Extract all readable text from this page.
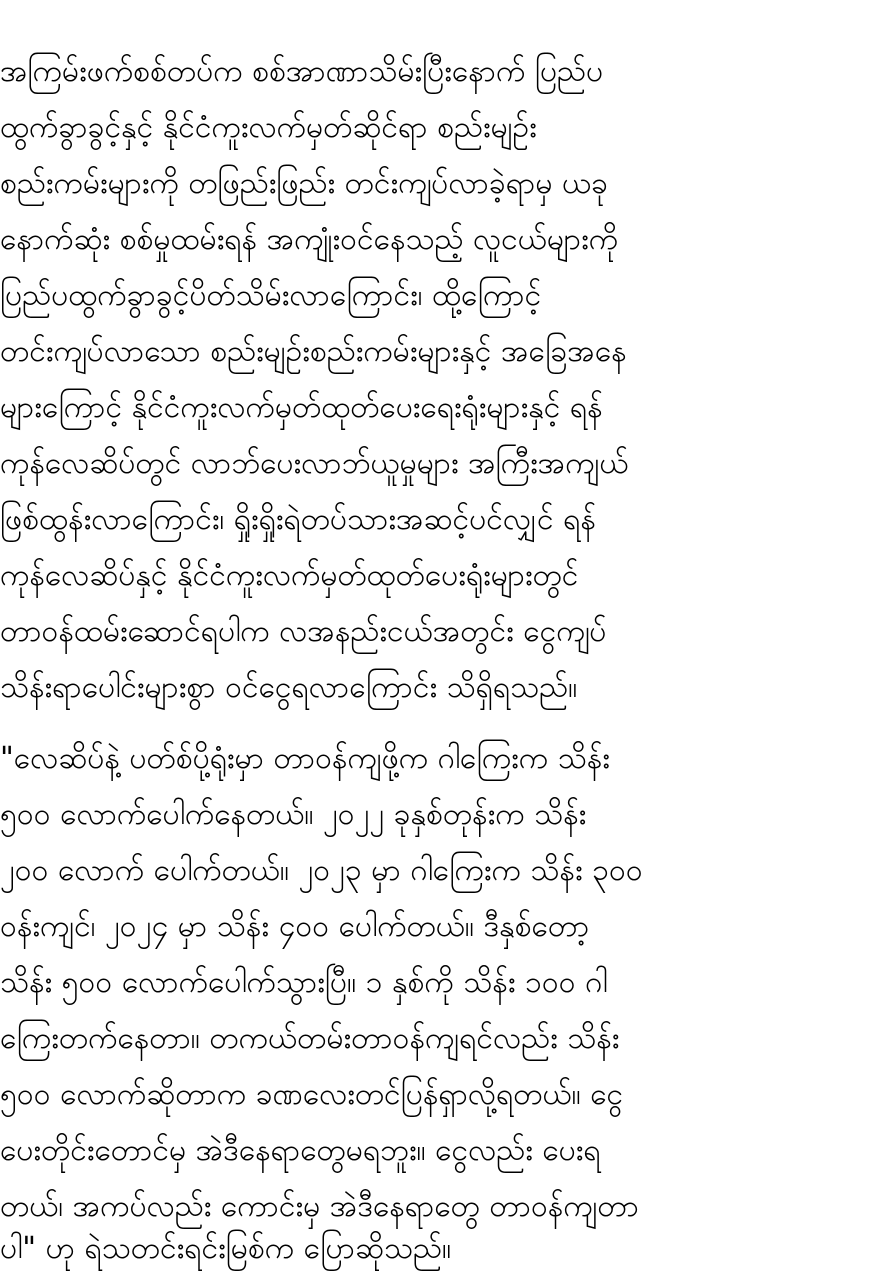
အကြမ်းဖက်စစ်တပ်က စစ်အာဏာသိမ်းပြီးနောက် ပြည်ပ
ထွက်ခွာခွင့်နှင့် နိုင်ငံကူးလက်မှတ်ဆိုင်ရာ စည်းမျဉ်း
စည်းကမ်းများကို တဖြည်းဖြည်း တင်းကျပ်လာခဲ့ရာမှ ယခု
နောက်ဆုံး စစ်မှုထမ်းရန် အကျုံးဝင်နေသည့် လူငယ်များကို
ပြည်ပထွက်ခွာခွင့်ပိတ်သိမ်းလာကြောင်း၊ ထို့ကြောင့်
တင်းကျပ်လာသော စည်းမျဉ်းစည်းကမ်းများနှင့် အခြေအနေ
များကြောင့် နိုင်ငံကူးလက်မှတ်ထုတ်ပေးရေးရုံးများနှင့် ရန်
ကုန်လေဆိပ်တွင် လာဘ်ပေးလာဘ်ယူမှုများ အကြီးအကျယ်
ဖြစ်ထွန်းလာကြောင်း၊ ရှိုးရှိုးရဲတပ်သားအဆင့်ပင်လျှင် ရန်
ကုန်လေဆိပ်နှင့် နိုင်ငံကူးလက်မှတ်ထုတ်ပေးရုံးများတွင်
တာဝန်ထမ်းဆောင်ရပါက လအနည်းငယ်အတွင်း ငွေကျပ်
သိန်းရာပေါင်းများစွာ ဝင်ငွေရလာကြောင်း သိရှိရသည်။
"လေဆိပ်နဲ့ ပတ်စ်ပို့ရုံးမှာ တာဝန်ကျဖို့က ဂါကြေးက သိန်း
၅၀၀ လောက်ပေါက်နေတယ်။ ၂၀၂၂ ခုနှစ်တုန်းက သိန်း
၂၀၀ လောက် ပေါက်တယ်။ ၂၀၂၃ မှာ ဂါကြေးက သိန်း ၃၀၀
ဝန်းကျင်၊ ၂၀၂၄ မှာ သိန်း ၄၀၀ ပေါက်တယ်။ ဒီနှစ်တော့
သိန်း ၅၀၀ လောက်ပေါက်သွားပြီ။ ၁ နှစ်ကို သိန်း ၁၀၀ ဂါ
ကြေးတက်နေတာ။ တကယ်တမ်းတာဝန်ကျရင်လည်း သိန်း
၅၀၀ လောက်ဆိုတာက ခဏလေးတင်ပြန်ရှာလို့ရတယ်။ ငွေ
ပေးတိုင်းတောင်မှ အဲဒီနေရာတွေမရဘူး။ ငွေလည်း ပေးရ
တယ်၊ အကပ်လည်း ကောင်းမှ အဲဒီနေရာတွေ တာဝန်ကျတာ
ပါ" ဟု ရဲသတင်းရင်းမြစ်က ပြောဆိုသည်။
